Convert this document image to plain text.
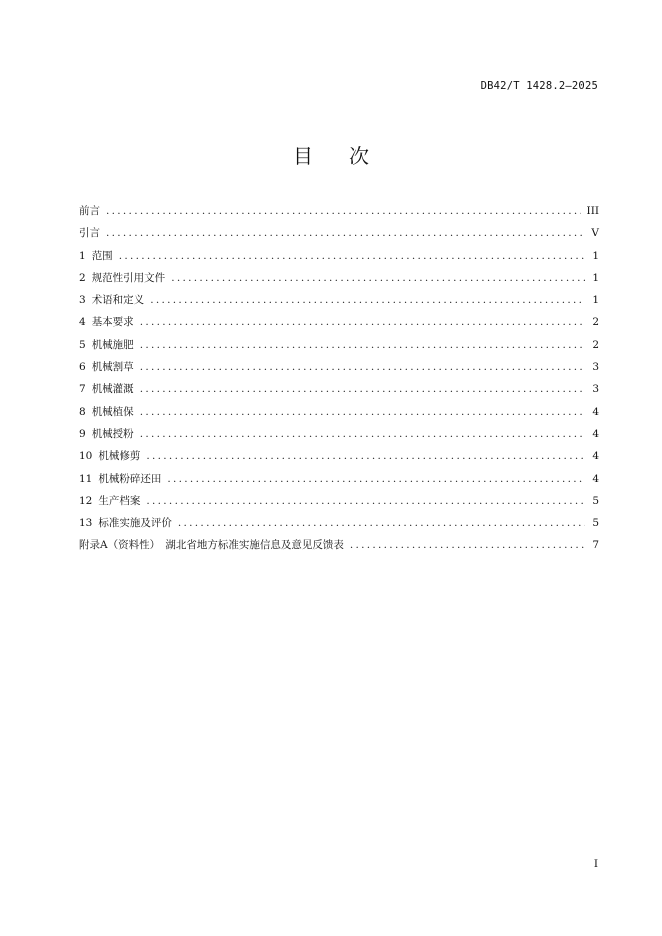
DB42/T 1428.2—2025
目 次
前言 .....	III
引言 .....	V
1 范围 .....	1
2 规范性引用文件 .....	1
3 术语和定义 .....	1
4 基本要求 .....	2
5 机械施肥 .....	2
6 机械割草 .....	3
7 机械灌溉 .....	3
8 机械植保 .....	4
9 机械授粉 .....	4
10 机械修剪 .....	4
11 机械粉碎还田 .....	4
12 生产档案 .....	5
13 标准实施及评价 .....	5
附录A（资料性）　湖北省地方标准实施信息及意见反馈表 .....	7
I
